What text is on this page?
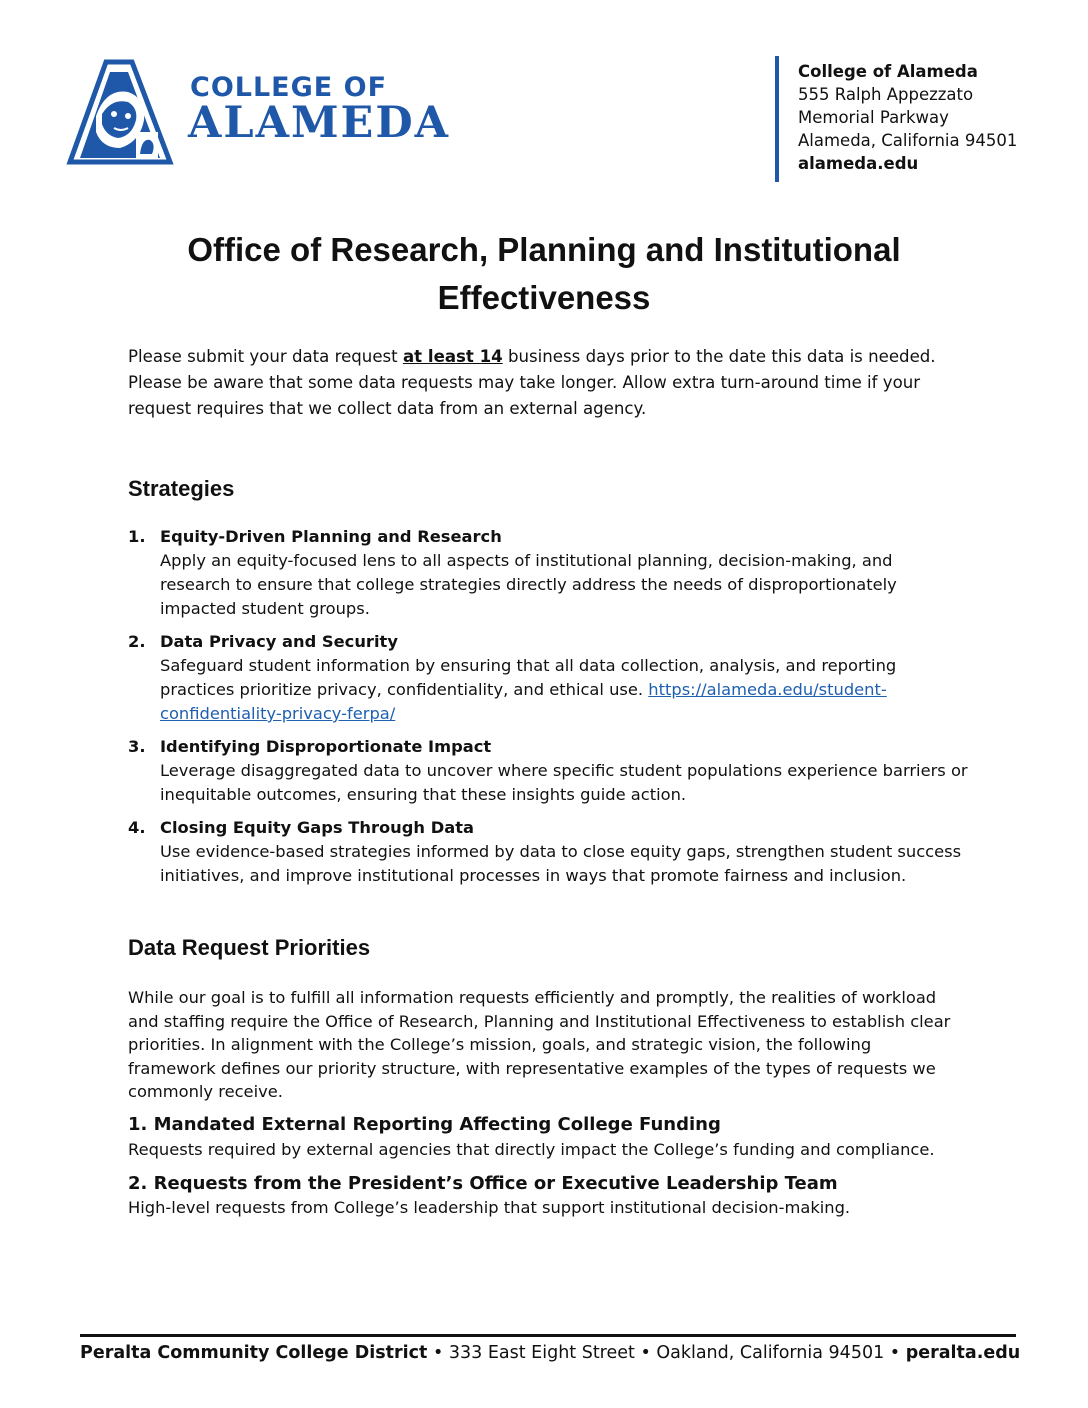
COLLEGE OF
ALAMEDA
College of Alameda
555 Ralph Appezzato
Memorial Parkway
Alameda, California 94501
alameda.edu
Office of Research, Planning and Institutional
Effectiveness

Please submit your data request at least 14 business days prior to the date this data is needed. Please be aware that some data requests may take longer. Allow extra turn-around time if your request requires that we collect data from an external agency.

Strategies
1. Equity-Driven Planning and Research
Apply an equity-focused lens to all aspects of institutional planning, decision-making, and research to ensure that college strategies directly address the needs of disproportionately impacted student groups.
2. Data Privacy and Security
Safeguard student information by ensuring that all data collection, analysis, and reporting practices prioritize privacy, confidentiality, and ethical use. https://alameda.edu/student-confidentiality-privacy-ferpa/
3. Identifying Disproportionate Impact
Leverage disaggregated data to uncover where specific student populations experience barriers or inequitable outcomes, ensuring that these insights guide action.
4. Closing Equity Gaps Through Data
Use evidence-based strategies informed by data to close equity gaps, strengthen student success initiatives, and improve institutional processes in ways that promote fairness and inclusion.
Data Request Priorities

While our goal is to fulfill all information requests efficiently and promptly, the realities of workload and staffing require the Office of Research, Planning and Institutional Effectiveness to establish clear priorities. In alignment with the College’s mission, goals, and strategic vision, the following framework defines our priority structure, with representative examples of the types of requests we commonly receive.

1. Mandated External Reporting Affecting College Funding
Requests required by external agencies that directly impact the College’s funding and compliance.
2. Requests from the President’s Office or Executive Leadership Team
High-level requests from College’s leadership that support institutional decision-making.
Peralta Community College District • 333 East Eight Street • Oakland, California 94501 • peralta.edu
